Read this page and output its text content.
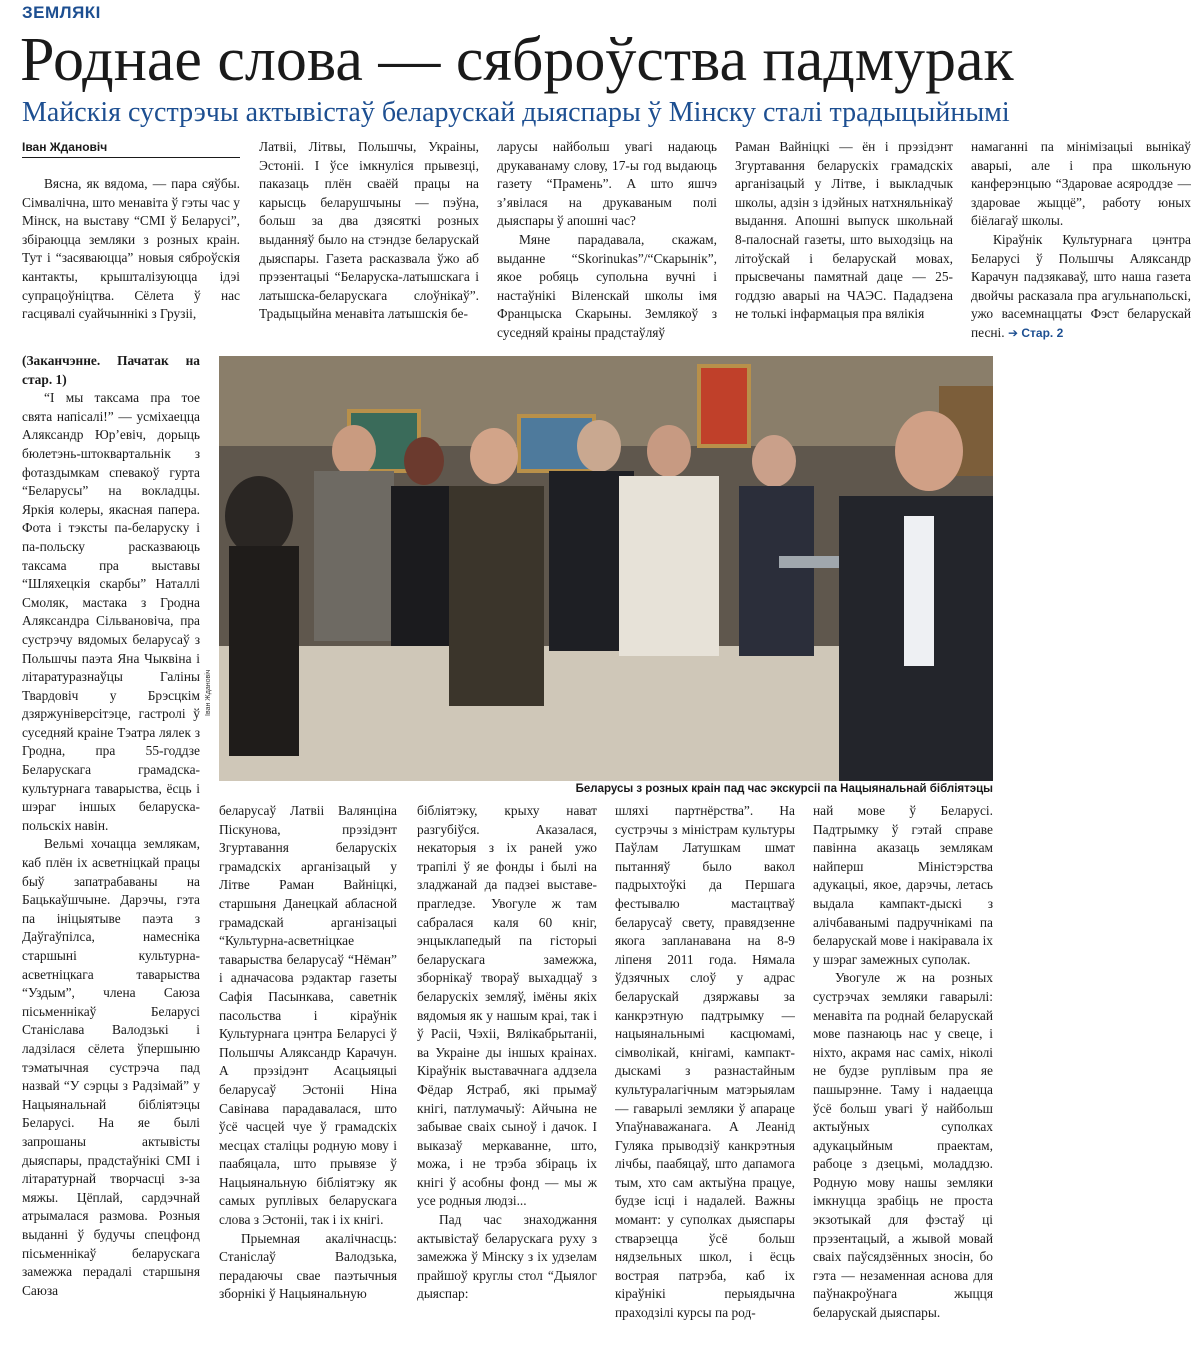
ЗЕМЛЯКІ
Роднае слова — сяброўства падмурак
Майскія сустрэчы актывістаў беларускай дыяспары ў Мінску сталі традыцыйнымі
Іван Ждановіч

Вясна, як вядома, — пара сяўбы. Сімвалічна, што менавіта ў гэты час у Мінск, на выставу “СМІ ў Беларусі”, збіраюцца земляки з розных краін. Тут і “засяваюцца” новыя сяброўскія кантакты, крышталізуюцца ідэі супрацоўніцтва. Сёлета ў нас гасцявалі суайчыннікі з Грузіі,

Латвіі, Літвы, Польшчы, Украіны, Эстоніі. І ўсе імкнуліся прывезці, паказаць плён сваёй працы на карысць беларушчыны — пэўна, больш за два дзясяткі розных выданняў было на стэндзе беларускай дыяспары. Газета расказвала ўжо аб прэзентацыі “Беларуска-латышскага і латышска-беларускага слоўнікаў”. Традыцыйна менавіта латышскія бе-

ларусы найбольш увагі надаюць друкаванаму слову, 17-ы год выдаюць газету “Прамень”. А што яшчэ з’явілася на друкаваным полі дыяспары ў апошні час?

Мяне парадавала, скажам, выданне “Skorinukas”/“Скарынік”, якое робяць супольна вучні і настаўнікі Віленскай школы імя Францыска Скарыны. Землякоў з суседняй краіны прадстаўляў

Раман Вайніцкі — ён і прэзідэнт Згуртавання беларускіх грамадскіх арганізацый у Літве, і выкладчык школы, адзін з ідэйных натхняльнікаў выдання. Апошні выпуск школьнай 8-палоснай газеты, што выходзіць на літоўскай і беларускай мовах, прысвечаны памятнай даце — 25-годдзю аварыі на ЧАЭС. Пададзена не толькі інфармацыя пра вялікія

намаганні па мінімізацыі вынікаў аварыі, але і пра школьную канферэнцыю “Здаровае асяроддзе — здаровае жыццё”, работу юных біёлагаў школы.

Кіраўнік Культурнага цэнтра Беларусі ў Польшчы Аляксандр Карачун падзякаваў, што наша газета двойчы расказала пра агульнапольскі, ужо васемнаццаты Фэст беларускай песні. ➔ Стар. 2

Іван Ждановіч
Беларусы з розных краін пад час экскурсіі па Нацыянальнай бібліятэцы

(Заканчэнне. Пачатак на стар. 1)

“І мы таксама пра тое свята напісалі!” — усміхаецца Аляксандр Юр’евіч, дорыць бюлетэнь-штоквартальнік з фотаздымкам спевакоў гурта “Беларусы” на вокладцы. Яркія колеры, якасная папера. Фота і тэксты па-беларуску і па-польску расказваюць таксама пра выставы “Шляхецкія скарбы” Наталлі Смоляк, мастака з Гродна Аляксандра Сільвановіча, пра сустрэчу вядомых беларусаў з Польшчы паэта Яна Чыквіна і літаратуразнаўцы Галіны Твардовіч у Брэсцкім дзяржуніверсітэце, гастролі ў суседняй краіне Тэатра лялек з Гродна, пра 55-годдзе Беларускага грамадска-культурнага таварыства, ёсць і шэраг іншых беларуска-польскіх навін.

Вельмі хочацца землякам, каб плён іх асветніцкай працы быў запатрабаваны на Бацькаўшчыне. Дарэчы, гэта па ініцыятыве паэта з Даўгаўпілса, намесніка старшыні культурна-асветніцкага таварыства “Уздым”, члена Саюза пісьменнікаў Беларусі Станіслава Валодзькі і ладзілася сёлета ўпершыню тэматычная сустрэча пад назвай “У сэрцы з Радзімай” у Нацыянальнай бібліятэцы Беларусі. На яе былі запрошаны актывісты дыяспары, прадстаўнікі СМІ і літаратурнай творчасці з-за мяжы. Цёплай, сардэчнай атрымалася размова. Розныя выданні ў будучы спецфонд пісьменнікаў беларускага замежжа перадалі старшыня Саюза

беларусаў Латвіі Валянціна Піскунова, прэзідэнт Згуртавання беларускіх грамадскіх арганізацый у Літве Раман Вайніцкі, старшыня Данецкай абласной грамадскай арганізацыі “Культурна-асветніцкае таварыства беларусаў “Нёман” і адначасова рэдактар газеты Сафія Пасынкава, саветнік пасольства і кіраўнік Культурнага цэнтра Беларусі ў Польшчы Аляксандр Карачун. А прэзідэнт Асацыяцыі беларусаў Эстоніі Ніна Савінава парадавалася, што ўсё часцей чуе ў грамадскіх месцах сталіцы родную мову і паабяцала, што прывязе ў Нацыянальную бібліятэку як самых руплівых беларускага слова з Эстоніі, так і іх кнігі.

Прыемная акалічнасць: Станіслаў Валодзька, перадаючы свае паэтычныя зборнікі ў Нацыянальную

бібліятэку, крыху нават разгубіўся. Аказалася, некаторыя з іх раней ужо трапілі ў яе фонды і былі на зладжанай да падзеі выставе-прагледзе. Увогуле ж там сабралася каля 60 кніг, энцыклапедый па гісторыі беларускага замежжа, зборнікаў твораў выхадцаў з беларускіх земляў, імёны якіх вядомыя як у нашым краі, так і ў Расіі, Чэхіі, Вялікабрытаніі, ва Украіне ды іншых краінах. Кіраўнік выставачнага аддзела Фёдар Ястраб, які прымаў кнігі, патлумачыў: Айчына не забывае сваіх сыноў і дачок. І выказаў меркаванне, што, можа, і не трэба збіраць іх кнігі ў асобны фонд — мы ж усе родныя людзі...

Пад час знаходжання актывістаў беларускага руху з замежжа ў Мінску з іх удзелам прайшоў круглы стол “Дыялог дыяспар:

шляхі партнёрства”. На сустрэчы з міністрам культуры Паўлам Латушкам шмат пытанняў было вакол падрыхтоўкі да Першага фестывалю мастацтваў беларусаў свету, правядзенне якога запланавана на 8-9 ліпеня 2011 года. Нямала ўдзячных слоў у адрас беларускай дзяржавы за канкрэтную падтрымку — нацыянальнымі касцюмамі, сімволікай, кнігамі, кампакт-дыскамі з разнастайным культуралагічным матэрыялам — гаварылі земляки ў апараце Упаўнаважанага. А Леанід Гуляка прыводзіў канкрэтныя лічбы, паабяцаў, што дапамога тым, хто сам актыўна працуе, будзе ісці і надалей. Важны момант: у суполках дыяспары стварэецца ўсё больш нядзельных школ, і ёсць вострая патрэба, каб іх кіраўнікі перыядычна праходзілі курсы па род-

най мове ў Беларусі. Падтрымку ў гэтай справе павінна аказаць землякам найперш Міністэрства адукацыі, якое, дарэчы, летась выдала кампакт-дыскі з алічбаванымі падручнікамі па беларускай мове і накіравала іх у шэраг замежных суполак.

Увогуле ж на розных сустрэчах земляки гаварылі: менавіта па роднай беларускай мове пазнаюць нас у свеце, і ніхто, акрамя нас саміх, ніколі не будзе руплівым пра яе пашырэнне. Таму і надаецца ўсё больш увагі ў найбольш актыўных суполках адукацыйным праектам, рабоце з дзецьмі, моладдзю. Родную мову нашы земляки імкнуцца зрабіць не проста экзотыкай для фэстаў ці прэзентацый, а жывой мовай сваіх паўсядзённых зносін, бо гэта — незаменная аснова для паўнакроўнага жыцця беларускай дыяспары.
